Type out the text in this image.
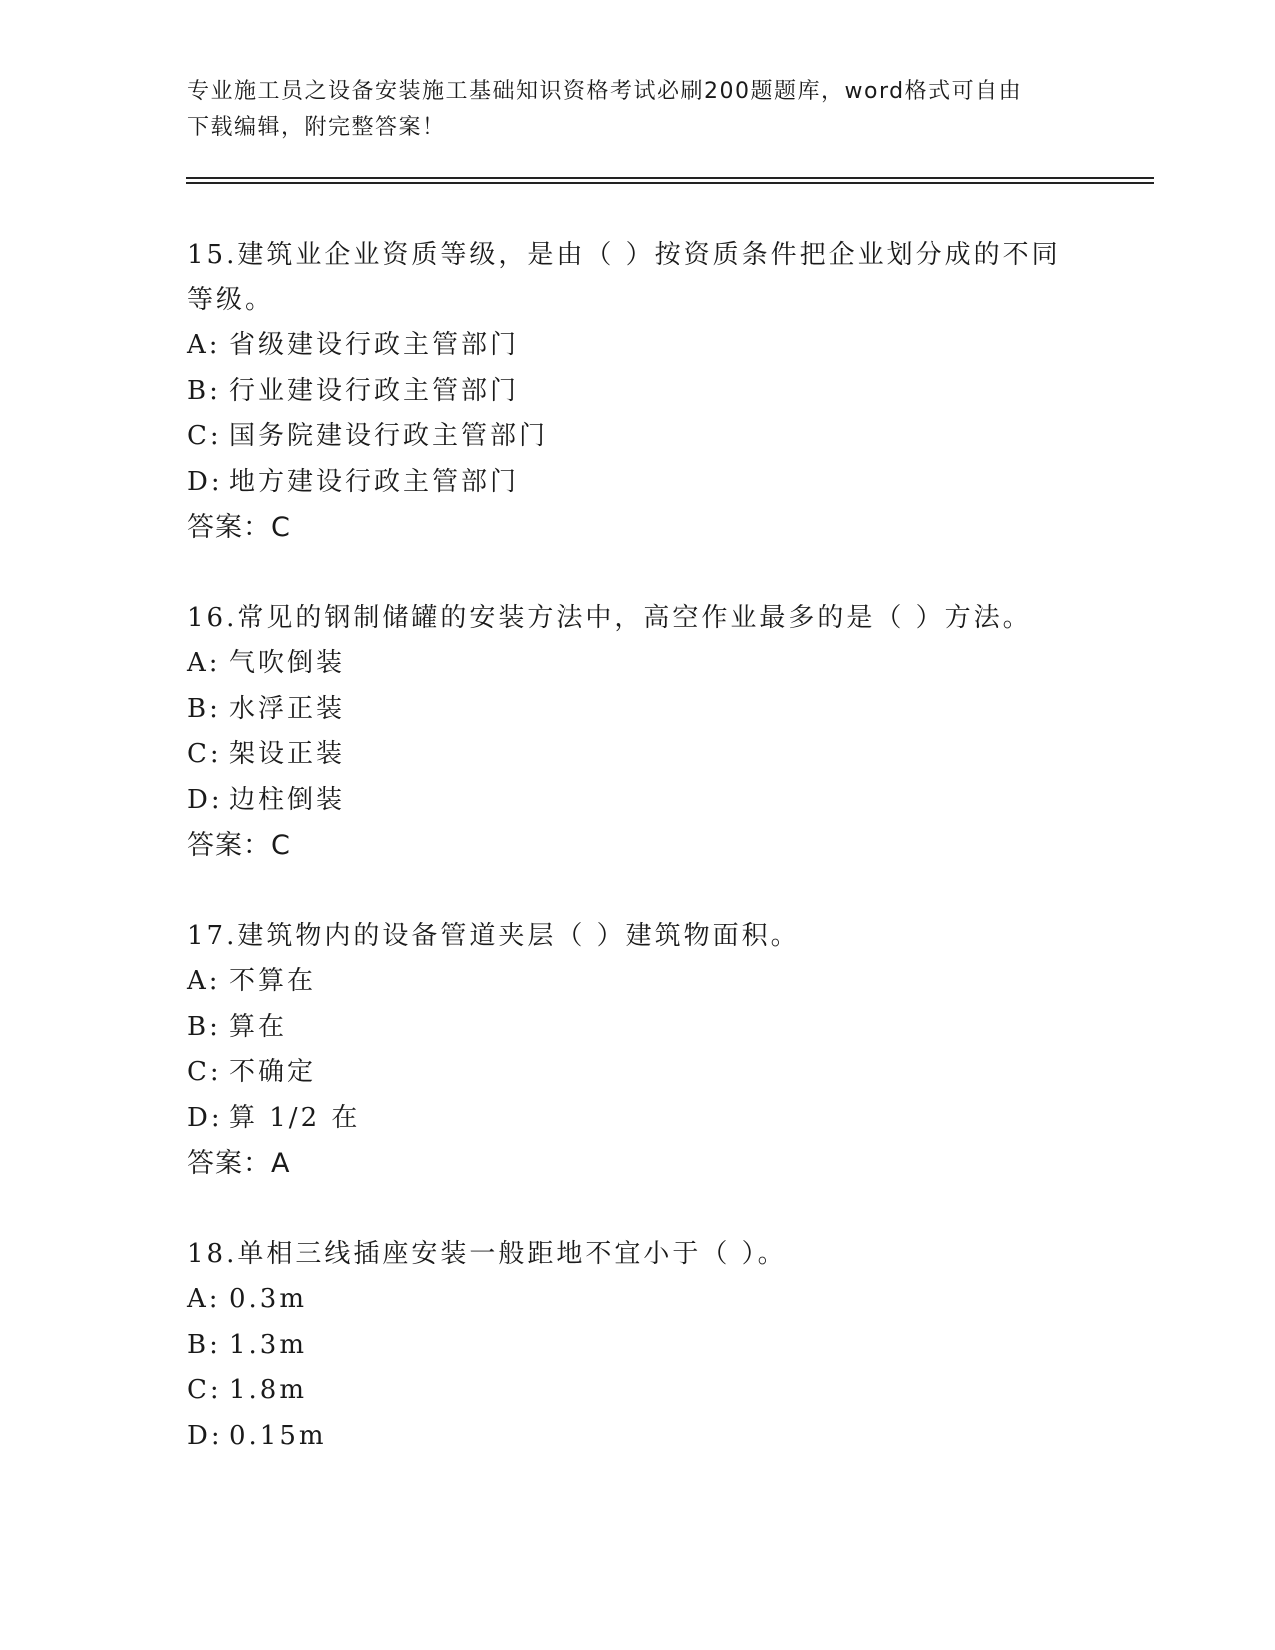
专业施工员之设备安装施工基础知识资格考试必刷200题题库，word格式可自由
下载编辑，附完整答案！

15.建筑业企业资质等级，是由（ ）按资质条件把企业划分成的不同

等级。

A: 省级建设行政主管部门

B: 行业建设行政主管部门

C: 国务院建设行政主管部门

D: 地方建设行政主管部门

答案：C

16.常见的钢制储罐的安装方法中，高空作业最多的是（ ）方法。

A: 气吹倒装

B: 水浮正装

C: 架设正装

D: 边柱倒装

答案：C

17.建筑物内的设备管道夹层（ ）建筑物面积。

A: 不算在

B: 算在

C: 不确定

D: 算 1/2 在

答案：A

18.单相三线插座安装一般距地不宜小于（ ）。

A: 0.3m

B: 1.3m

C: 1.8m

D: 0.15m
